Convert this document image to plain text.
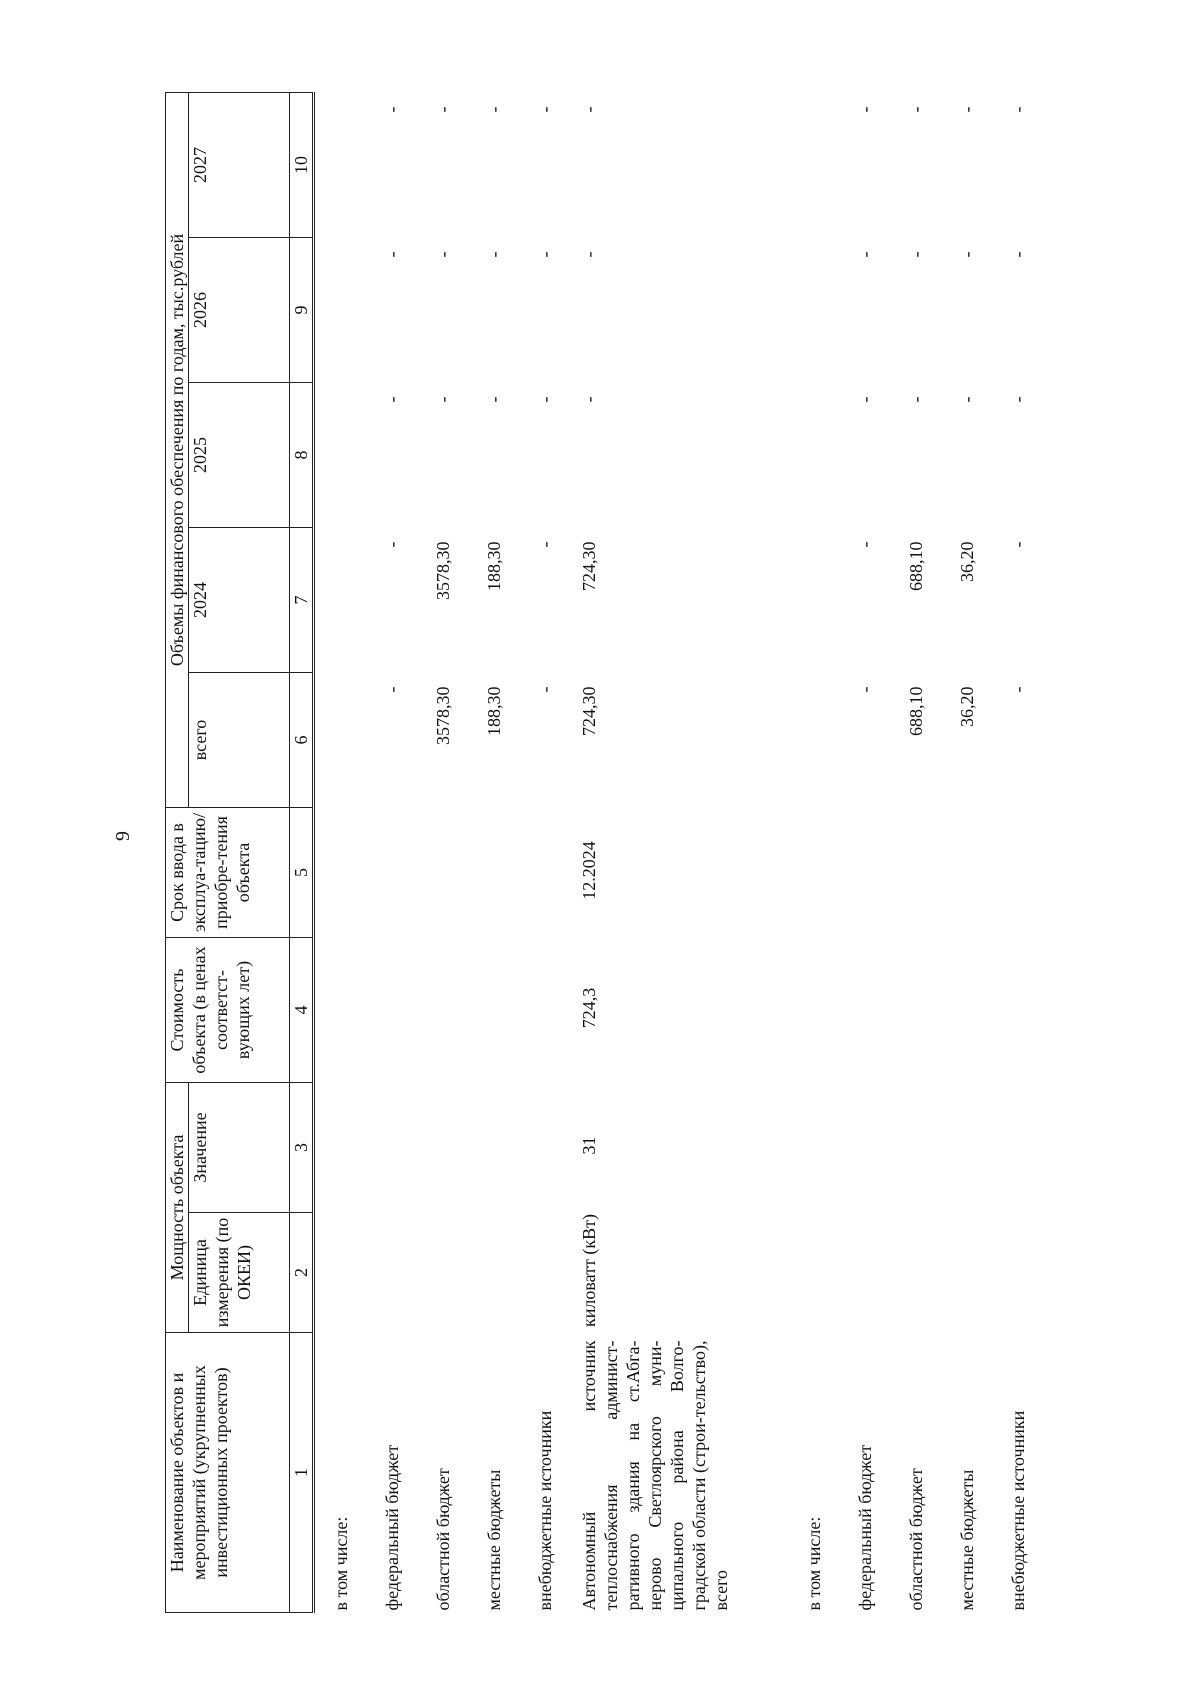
9
Наименование объектов и мероприятий (укрупненных инвестиционных проектов)	Мощность объекта		Стоимость объекта (в ценах соответст-вующих лет)	Срок ввода в эксплуа-тацию/ приобре-тения объекта	Объемы финансового обеспечения по годам, тыс.рублей				
	Единица измерения (по ОКЕИ)	Значение			всего	2024	2025	2026	2027
1	2	3	4	5	6	7	8	9	10
в том числе:									
федеральный бюджет					-	-	-	-	-
областной бюджет					3578,30	3578,30	-	-	-
местные бюджеты					188,30	188,30	-	-	-
внебюджетные источники					-	-	-	-	-
Автономный источник теплоснабжения админист-ративного здания на ст.Абга-нерово Светлоярского муни-ципального района Волго-градской области (строи-тельство), всего	киловатт (кВт)	31	724,3	12.2024	724,30	724,30	-	-	-
в том числе:									
федеральный бюджет					-	-	-	-	-
областной бюджет					688,10	688,10	-	-	-
местные бюджеты					36,20	36,20	-	-	-
внебюджетные источники					-	-	-	-	-
